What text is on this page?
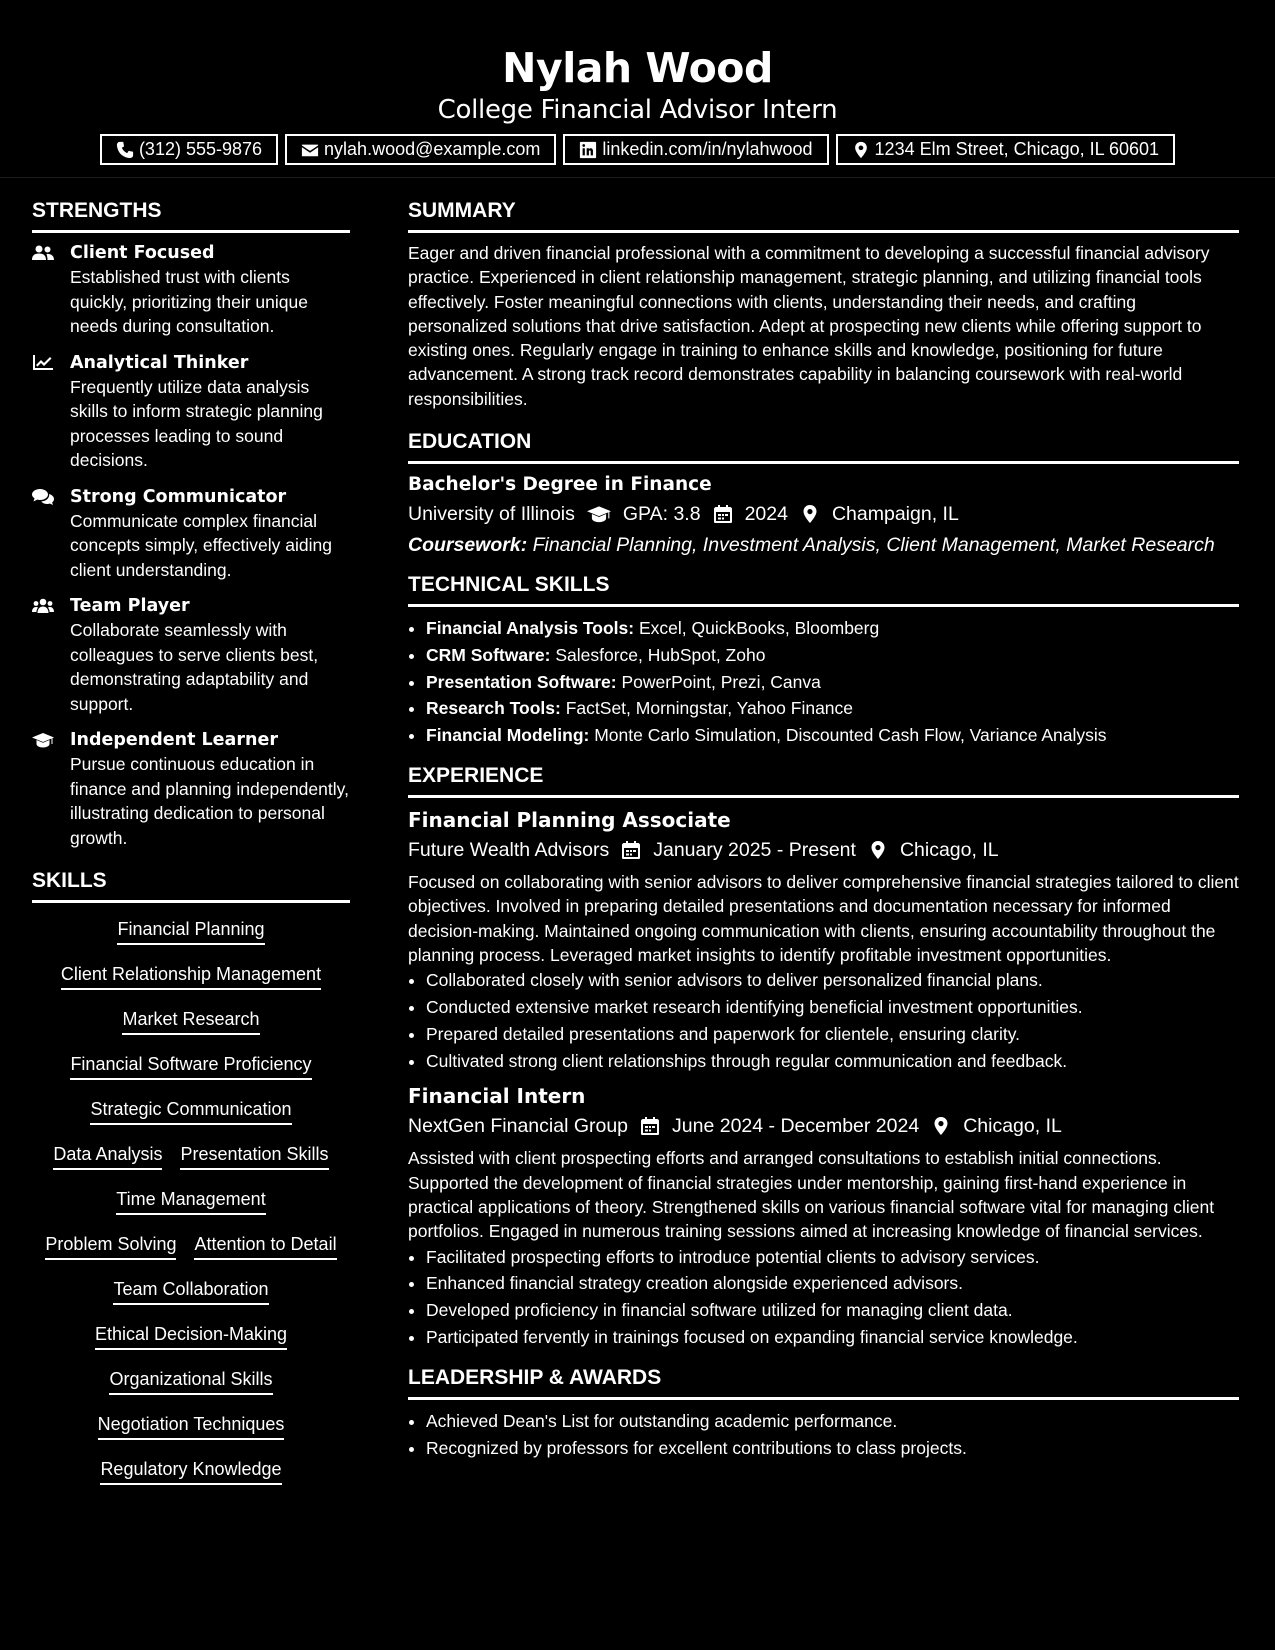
Nylah Wood
College Financial Advisor Intern
(312) 555-9876	nylah.wood@example.com	linkedin.com/in/nylahwood	1234 Elm Street, Chicago, IL 60601
STRENGTHS
Client Focused
Established trust with clients quickly, prioritizing their unique needs during consultation.
Analytical Thinker
Frequently utilize data analysis skills to inform strategic planning processes leading to sound decisions.
Strong Communicator
Communicate complex financial concepts simply, effectively aiding client understanding.
Team Player
Collaborate seamlessly with colleagues to serve clients best, demonstrating adaptability and support.
Independent Learner
Pursue continuous education in finance and planning independently, illustrating dedication to personal growth.
SKILLS
Financial Planning
Client Relationship Management
Market Research
Financial Software Proficiency
Strategic Communication
Data Analysis Presentation Skills
Time Management
Problem Solving Attention to Detail
Team Collaboration
Ethical Decision-Making
Organizational Skills
Negotiation Techniques
Regulatory Knowledge
SUMMARY
Eager and driven financial professional with a commitment to developing a successful financial advisory practice. Experienced in client relationship management, strategic planning, and utilizing financial tools effectively. Foster meaningful connections with clients, understanding their needs, and crafting personalized solutions that drive satisfaction. Adept at prospecting new clients while offering support to existing ones. Regularly engage in training to enhance skills and knowledge, positioning for future advancement. A strong track record demonstrates capability in balancing coursework with real-world responsibilities.
EDUCATION
Bachelor's Degree in Finance
University of Illinois GPA: 3.8 2024 Champaign, IL
Coursework: Financial Planning, Investment Analysis, Client Management, Market Research
TECHNICAL SKILLS
• Financial Analysis Tools: Excel, QuickBooks, Bloomberg
• CRM Software: Salesforce, HubSpot, Zoho
• Presentation Software: PowerPoint, Prezi, Canva
• Research Tools: FactSet, Morningstar, Yahoo Finance
• Financial Modeling: Monte Carlo Simulation, Discounted Cash Flow, Variance Analysis
EXPERIENCE
Financial Planning Associate
Future Wealth Advisors January 2025 - Present Chicago, IL
Focused on collaborating with senior advisors to deliver comprehensive financial strategies tailored to client objectives. Involved in preparing detailed presentations and documentation necessary for informed decision-making. Maintained ongoing communication with clients, ensuring accountability throughout the planning process. Leveraged market insights to identify profitable investment opportunities.
• Collaborated closely with senior advisors to deliver personalized financial plans.
• Conducted extensive market research identifying beneficial investment opportunities.
• Prepared detailed presentations and paperwork for clientele, ensuring clarity.
• Cultivated strong client relationships through regular communication and feedback.
Financial Intern
NextGen Financial Group June 2024 - December 2024 Chicago, IL
Assisted with client prospecting efforts and arranged consultations to establish initial connections. Supported the development of financial strategies under mentorship, gaining first-hand experience in practical applications of theory. Strengthened skills on various financial software vital for managing client portfolios. Engaged in numerous training sessions aimed at increasing knowledge of financial services.
• Facilitated prospecting efforts to introduce potential clients to advisory services.
• Enhanced financial strategy creation alongside experienced advisors.
• Developed proficiency in financial software utilized for managing client data.
• Participated fervently in trainings focused on expanding financial service knowledge.
LEADERSHIP & AWARDS
• Achieved Dean's List for outstanding academic performance.
• Recognized by professors for excellent contributions to class projects.
